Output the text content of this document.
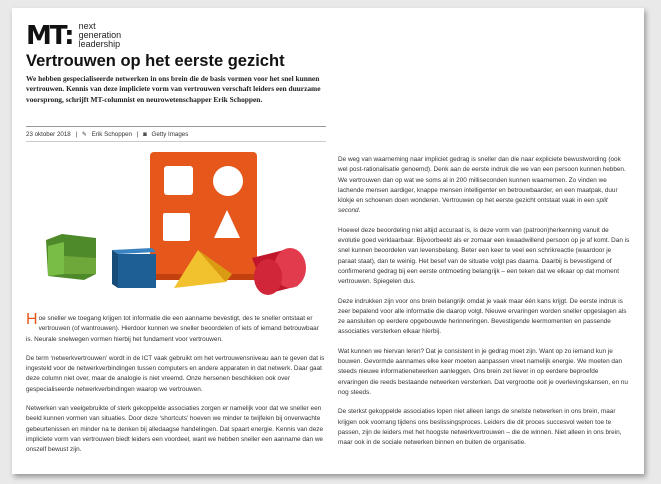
MT: next
generation
leadership
Vertrouwen op het eerste gezicht
We hebben gespecialiseerde netwerken in ons brein die de basis vormen voor het snel kunnen vertrouwen. Kennis van deze impliciete vorm van vertrouwen verschaft leiders een duurzame voorsprong, schrijft MT-columnist en neurowetenschapper Erik Schoppen.
23 oktober 2018 | ✎ Erik Schoppen | ◙ Getty Images

Hoe sneller we toegang krijgen tot informatie die een aanname bevestigt, des te sneller ontstaat er vertrouwen (of wantrouwen). Hierdoor kunnen we sneller beoordelen of iets of iemand betrouwbaar is. Neurale snelwegen vormen hierbij het fundament voor vertrouwen.

De term ‘netwerkvertrouwen’ wordt in de ICT vaak gebruikt om het vertrouwensniveau aan te geven dat is ingesteld voor de netwerkverbindingen tussen computers en andere apparaten in dat netwerk. Daar gaat deze column niet over, maar de analogie is niet vreemd. Onze hersenen beschikken ook over gespecialiseerde netwerkverbindingen waarop we vertrouwen.

Netwerken van veelgebruikte of sterk gekoppelde associaties zorgen er namelijk voor dat we sneller een beeld kunnen vormen van situaties. Door deze ‘shortcuts’ hoeven we minder te twijfelen bij onverwachte gebeurtenissen en minder na te denken bij alledaagse handelingen. Dat spaart energie. Kennis van deze impliciete vorm van vertrouwen biedt leiders een voordeel, want we hebben sneller een aanname dan we onszelf bewust zijn.

De weg van waarneming naar impliciet gedrag is sneller dan die naar expliciete bewustwording (ook wel post-rationalisatie genoemd). Denk aan de eerste indruk die we van een persoon kunnen hebben. We vertrouwen dan op wat we soms al in 200 milliseconden kunnen waarnemen. Zo vinden we lachende mensen aardiger, knappe mensen intelligenter en betrouwbaarder, en een maatpak, duur klokje en schoenen doen wonderen. Vertrouwen op het eerste gezicht ontstaat vaak in een split second.

Hoewel deze beoordeling niet altijd accuraat is, is deze vorm van (patroon)herkenning vanuit de evolutie goed verklaarbaar. Bijvoorbeeld als er zomaar een kwaadwillend persoon op je af komt. Dan is snel kunnen beoordelen van levensbelang. Beter een keer te veel een schrikreactie (waardoor je paraat staat), dan te weinig. Het besef van de situatie volgt pas daarna. Daarbij is bevestigend of confirmerend gedrag bij een eerste ontmoeting belangrijk – een teken dat we elkaar op dat moment vertrouwen. Spiegelen dus.

Deze indrukken zijn voor ons brein belangrijk omdat je vaak maar één kans krijgt. De eerste indruk is zeer bepalend voor alle informatie die daarop volgt. Nieuwe ervaringen worden sneller opgeslagen als ze aansluiten op eerdere opgebouwde herinneringen. Bevestigende leermomenten en passende associaties versterken elkaar hierbij.

Wat kunnen we hiervan leren? Dat je consistent in je gedrag moet zijn. Want op zo iemand kun je bouwen. Gevormde aannames elke keer moeten aanpassen vreet namelijk energie. We moeten dan steeds nieuwe informatienetwerken aanleggen. Ons brein zet liever in op eerdere beproefde ervaringen die reeds bestaande netwerken versterken. Dat vergrootte ooit je overlevingskansen, en nu nog steeds.

De sterkst gekoppelde associaties lopen niet alleen langs de snelste netwerken in ons brein, maar krijgen ook voorrang tijdens ons beslissingsproces. Leiders die dit proces succesvol weten toe te passen, zijn de leiders met het hoogste netwerkvertrouwen – die de winnen. Niet alleen in ons brein, maar ook in de sociale netwerken binnen en buiten de organisatie.
